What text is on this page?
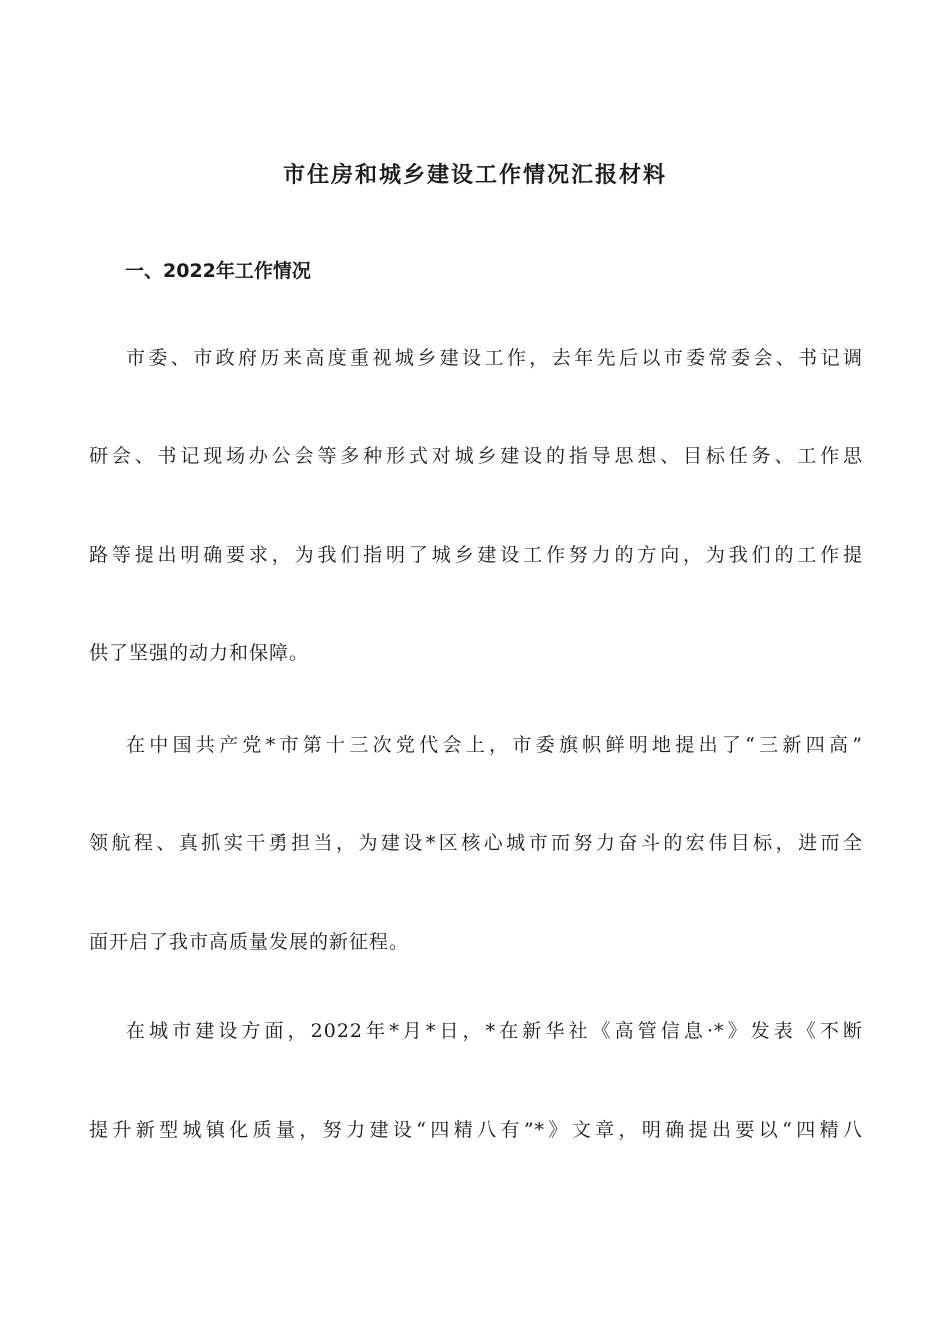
市住房和城乡建设工作情况汇报材料
一、2022年工作情况
市委、市政府历来高度重视城乡建设工作，去年先后以市委常委会、书记调
研会、书记现场办公会等多种形式对城乡建设的指导思想、目标任务、工作思
路等提出明确要求，为我们指明了城乡建设工作努力的方向，为我们的工作提
供了坚强的动力和保障。
在中国共产党*市第十三次党代会上，市委旗帜鲜明地提出了“三新四高”
领航程、真抓实干勇担当，为建设*区核心城市而努力奋斗的宏伟目标，进而全
面开启了我市高质量发展的新征程。
在城市建设方面，2022年*月*日，*在新华社《高管信息·*》发表《不断
提升新型城镇化质量，努力建设“四精八有”*》文章，明确提出要以“四精八
